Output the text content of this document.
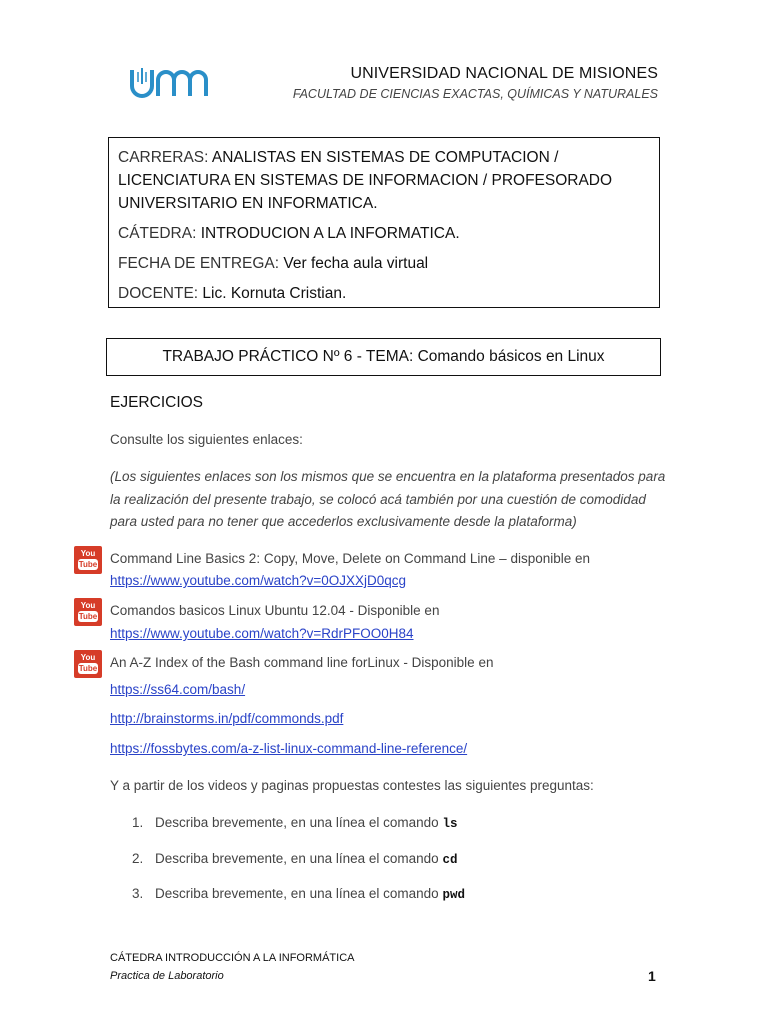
UNIVERSIDAD NACIONAL DE MISIONES
FACULTAD DE CIENCIAS EXACTAS, QUÍMICAS Y NATURALES
CARRERAS: ANALISTAS EN SISTEMAS DE COMPUTACION /
LICENCIATURA EN SISTEMAS DE INFORMACION / PROFESORADO
UNIVERSITARIO EN INFORMATICA.
CÁTEDRA: INTRODUCION A LA INFORMATICA.
FECHA DE ENTREGA: Ver fecha aula virtual
DOCENTE: Lic. Kornuta Cristian.
TRABAJO PRÁCTICO Nº 6 - TEMA: Comando básicos en Linux
EJERCICIOS
Consulte los siguientes enlaces:
(Los siguientes enlaces son los mismos que se encuentra en la plataforma presentados para
la realización del presente trabajo, se colocó acá también por una cuestión de comodidad
para usted para no tener que accederlos exclusivamente desde la plataforma)
You
Tube Command Line Basics 2: Copy, Move, Delete on Command Line – disponible en
https://www.youtube.com/watch?v=0OJXXjD0qcg
You
Tube Comandos basicos Linux Ubuntu 12.04 - Disponible en
https://www.youtube.com/watch?v=RdrPFOO0H84
You
Tube An A-Z Index of the Bash command line forLinux - Disponible en
https://ss64.com/bash/
http://brainstorms.in/pdf/commonds.pdf
https://fossbytes.com/a-z-list-linux-command-line-reference/
Y a partir de los videos y paginas propuestas contestes las siguientes preguntas:
1. Describa brevemente, en una línea el comando ls
2. Describa brevemente, en una línea el comando cd
3. Describa brevemente, en una línea el comando pwd
CÁTEDRA INTRODUCCIÓN A LA INFORMÁTICA
Practica de Laboratorio	1
